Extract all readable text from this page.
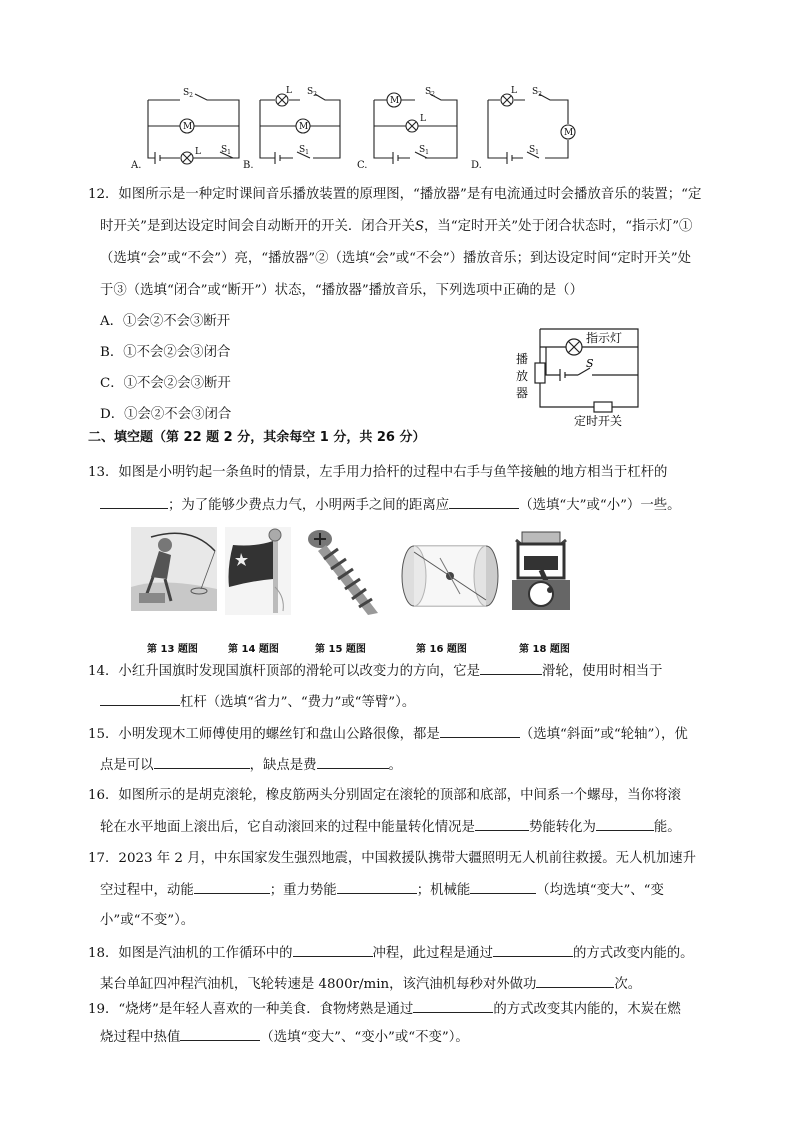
M	M
M
M
L
L
L
L
$S_2$	$S_2$	$S_2$	$S_2$
$S_1$	$S_1$	$S_1$	$S_1$
A.	B.	C.	D.
12．如图所示是一种定时课间音乐播放装置的原理图，“播放器”是有电流通过时会播放音乐的装置；“定
时开关”是到达设定时间会自动断开的开关．闭合开关S，当“定时开关”处于闭合状态时，“指示灯”①
（选填“会”或“不会”）亮，“播放器”②（选填“会”或“不会”）播放音乐；到达设定时间“定时开关”处
于③（选填“闭合”或“断开”）状态，“播放器”播放音乐，下列选项中正确的是（）
A．①会②不会③断开
B．①不会②会③闭合
C．①不会②会③断开
D．①会②不会③闭合
指示灯
S
播
放
器
定时开关
二、填空题（第 22 题 2 分，其余每空 1 分，共 26 分）
13．如图是小明钓起一条鱼时的情景，左手用力拾杆的过程中右手与鱼竿接触的地方相当于杠杆的
；为了能够少费点力气，小明两手之间的距离应	（选填“大”或“小”）一些。
第 13 题图	第 14 题图	第 15 题图	第 16 题图	第 18 题图
14．小红升国旗时发现国旗杆顶部的滑轮可以改变力的方向，它是	滑轮，使用时相当于
杠杆（选填“省力”、“费力”或“等臂”）。
15．小明发现木工师傅使用的螺丝钉和盘山公路很像，都是	（选填“斜面”或“轮轴”），优
点是可以	，缺点是费	。
16．如图所示的是胡克滚轮，橡皮筋两头分别固定在滚轮的顶部和底部，中间系一个螺母，当你将滚
轮在水平地面上滚出后，它自动滚回来的过程中能量转化情况是	势能转化为	能。
17．2023 年 2 月，中东国家发生强烈地震，中国救援队携带大疆照明无人机前往救援。无人机加速升
空过程中，动能	；重力势能	；机械能	（均选填“变大”、“变
小”或“不变”）。
18．如图是汽油机的工作循环中的	冲程，此过程是通过	的方式改变内能的。
某台单缸四冲程汽油机，飞轮转速是 4800r/min，该汽油机每秒对外做功	次。
19．“烧烤”是年轻人喜欢的一种美食．食物烤熟是通过	的方式改变其内能的，木炭在燃
烧过程中热值	（选填“变大”、“变小”或“不变”）。
